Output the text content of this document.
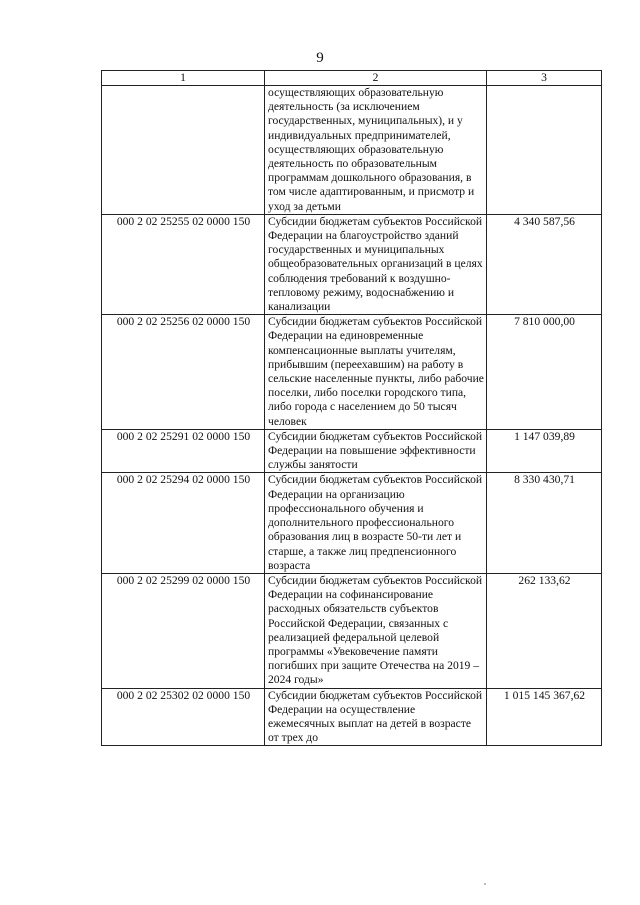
9
1	2	3
	осуществляющих образовательную деятельность (за исключением государственных, муниципальных), и у индивидуальных предпринимателей, осуществляющих образовательную деятельность по образовательным программам дошкольного образования, в том числе адаптированным, и присмотр и уход за детьми	
000 2 02 25255 02 0000 150	Субсидии бюджетам субъектов Российской Федерации на благоустройство зданий государственных и муниципальных общеобразовательных организаций в целях соблюдения требований к воздушно-тепловому режиму, водоснабжению и канализации	4 340 587,56
000 2 02 25256 02 0000 150	Субсидии бюджетам субъектов Российской Федерации на единовременные компенсационные выплаты учителям, прибывшим (переехавшим) на работу в сельские населенные пункты, либо рабочие поселки, либо поселки городского типа, либо города с населением до 50 тысяч человек	7 810 000,00
000 2 02 25291 02 0000 150	Субсидии бюджетам субъектов Российской Федерации на повышение эффективности службы занятости	1 147 039,89
000 2 02 25294 02 0000 150	Субсидии бюджетам субъектов Российской Федерации на организацию профессионального обучения и дополнительного профессионального образования лиц в возрасте 50-ти лет и старше, а также лиц предпенсионного возраста	8 330 430,71
000 2 02 25299 02 0000 150	Субсидии бюджетам субъектов Российской Федерации на софинансирование расходных обязательств субъектов Российской Федерации, связанных с реализацией федеральной целевой программы «Увековечение памяти погибших при защите Отечества на 2019 – 2024 годы»	262 133,62
000 2 02 25302 02 0000 150	Субсидии бюджетам субъектов Российской Федерации на осуществление ежемесячных выплат на детей в возрасте от трех до	1 015 145 367,62
